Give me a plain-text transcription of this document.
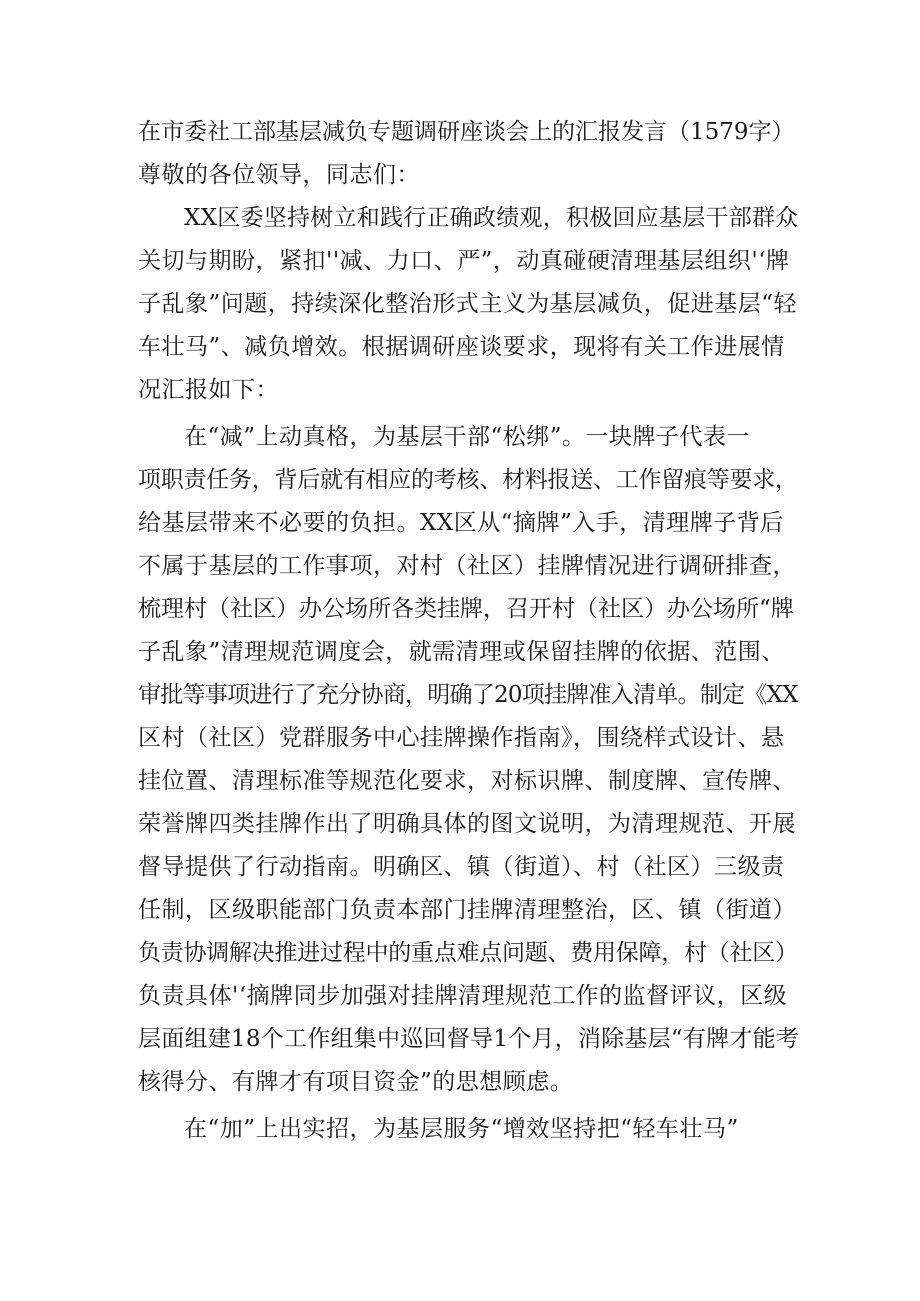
在市委社工部基层减负专题调研座谈会上的汇报发言（1579字）
尊敬的各位领导，同志们：
XX区委坚持树立和践行正确政绩观，积极回应基层干部群众
关切与期盼，紧扣''减、力口、严”，动真碰硬清理基层组织'‘牌
子乱象”问题，持续深化整治形式主义为基层减负，促进基层“轻
车壮马”、减负增效。根据调研座谈要求，现将有关工作进展情
况汇报如下：
在“减”上动真格，为基层干部“松绑”。一块牌子代表一
项职责任务，背后就有相应的考核、材料报送、工作留痕等要求，
给基层带来不必要的负担。XX区从“摘牌”入手，清理牌子背后
不属于基层的工作事项，对村（社区）挂牌情况进行调研排查，
梳理村（社区）办公场所各类挂牌，召开村（社区）办公场所“牌
子乱象”清理规范调度会，就需清理或保留挂牌的依据、范围、
审批等事项进行了充分协商，明确了20项挂牌准入清单。制定《XX
区村（社区）党群服务中心挂牌操作指南》，围绕样式设计、悬
挂位置、清理标准等规范化要求，对标识牌、制度牌、宣传牌、
荣誉牌四类挂牌作出了明确具体的图文说明，为清理规范、开展
督导提供了行动指南。明确区、镇（街道）、村（社区）三级责
任制，区级职能部门负责本部门挂牌清理整治，区、镇（街道）
负责协调解决推进过程中的重点难点问题、费用保障，村（社区）
负责具体'‘摘牌同步加强对挂牌清理规范工作的监督评议，区级
层面组建18个工作组集中巡回督导1个月，消除基层“有牌才能考
核得分、有牌才有项目资金”的思想顾虑。
在“加”上出实招，为基层服务“增效坚持把“轻车壮马”
